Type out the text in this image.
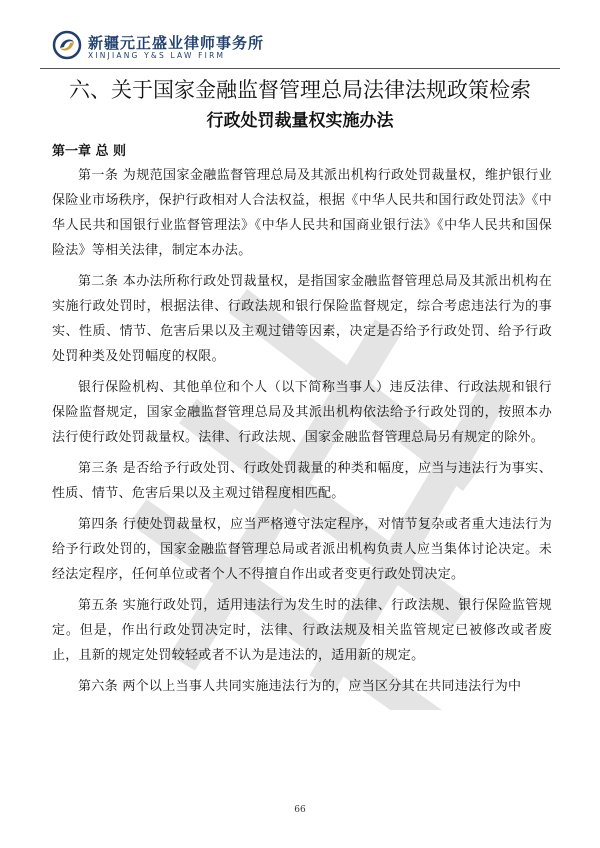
新疆元正盛业律师事务所
XINJIANG Y&S LAW FIRM
六、关于国家金融监督管理总局法律法规政策检索
行政处罚裁量权实施办法
第一章 总 则

第一条 为规范国家金融监督管理总局及其派出机构行政处罚裁量权，维护银行业保险业市场秩序，保护行政相对人合法权益，根据《中华人民共和国行政处罚法》《中华人民共和国银行业监督管理法》《中华人民共和国商业银行法》《中华人民共和国保险法》等相关法律，制定本办法。

第二条 本办法所称行政处罚裁量权，是指国家金融监督管理总局及其派出机构在实施行政处罚时，根据法律、行政法规和银行保险监督规定，综合考虑违法行为的事实、性质、情节、危害后果以及主观过错等因素，决定是否给予行政处罚、给予行政处罚种类及处罚幅度的权限。

银行保险机构、其他单位和个人（以下简称当事人）违反法律、行政法规和银行保险监督规定，国家金融监督管理总局及其派出机构依法给予行政处罚的，按照本办法行使行政处罚裁量权。法律、行政法规、国家金融监督管理总局另有规定的除外。

第三条 是否给予行政处罚、行政处罚裁量的种类和幅度，应当与违法行为事实、性质、情节、危害后果以及主观过错程度相匹配。

第四条 行使处罚裁量权，应当严格遵守法定程序，对情节复杂或者重大违法行为给予行政处罚的，国家金融监督管理总局或者派出机构负责人应当集体讨论决定。未经法定程序，任何单位或者个人不得擅自作出或者变更行政处罚决定。

第五条 实施行政处罚，适用违法行为发生时的法律、行政法规、银行保险监管规定。但是，作出行政处罚决定时，法律、行政法规及相关监管规定已被修改或者废止，且新的规定处罚较轻或者不认为是违法的，适用新的规定。

第六条 两个以上当事人共同实施违法行为的，应当区分其在共同违法行为中

66
